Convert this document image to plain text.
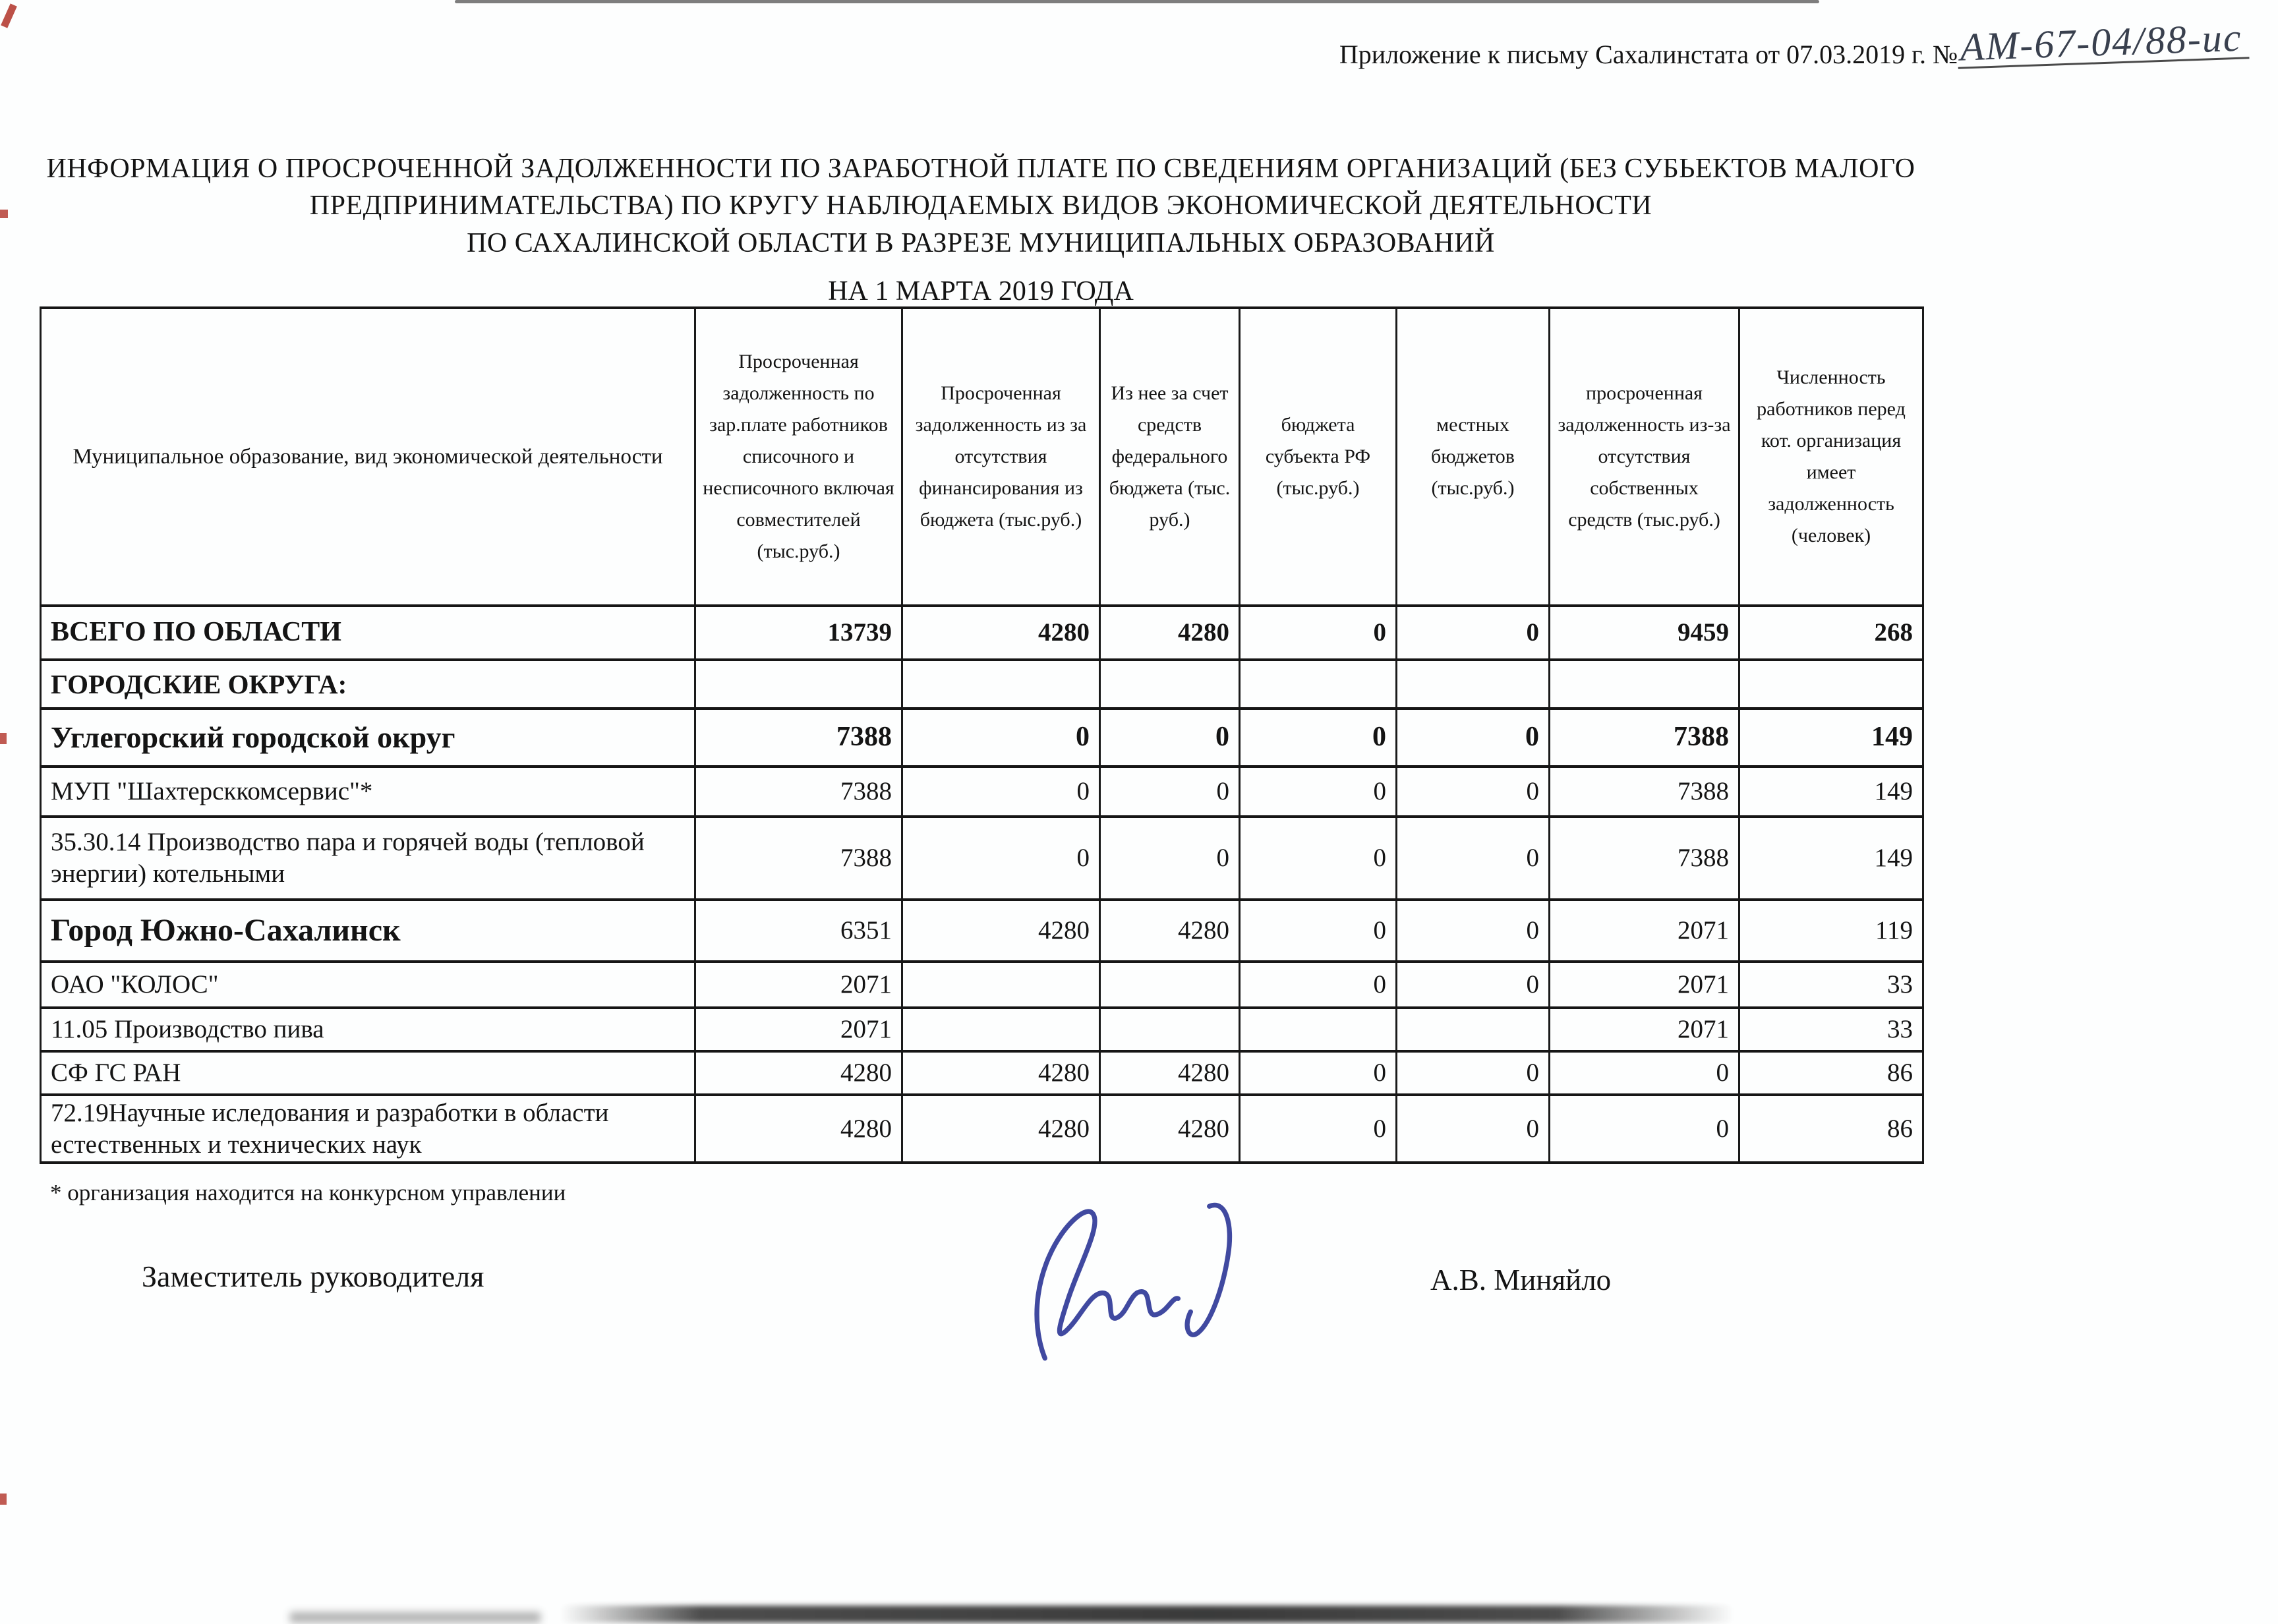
Приложение к письму Сахалинстата от 07.03.2019 г. №АМ-67-04/88-ис
ИНФОРМАЦИЯ О ПРОСРОЧЕННОЙ ЗАДОЛЖЕННОСТИ ПО ЗАРАБОТНОЙ ПЛАТЕ ПО СВЕДЕНИЯМ ОРГАНИЗАЦИЙ (БЕЗ СУБЬЕКТОВ МАЛОГО
ПРЕДПРИНИМАТЕЛЬСТВА) ПО КРУГУ НАБЛЮДАЕМЫХ ВИДОВ ЭКОНОМИЧЕСКОЙ ДЕЯТЕЛЬНОСТИ
ПО САХАЛИНСКОЙ ОБЛАСТИ В РАЗРЕЗЕ МУНИЦИПАЛЬНЫХ ОБРАЗОВАНИЙ
НА 1 МАРТА 2019 ГОДА
Муниципальное образование, вид экономической деятельности	Просроченная задолженность по зар.плате работников списочного и несписочного включая совместителей (тыс.руб.)	Просроченная задолженность из за отсутствия финансирования из бюджета (тыс.руб.)	Из нее за счет средств федерального бюджета (тыс. руб.)	бюджета субъекта РФ (тыс.руб.)	местных бюджетов (тыс.руб.)	просроченная задолженность из-за отсутствия собственных средств (тыс.руб.)	Численность работников перед кот. организация имеет задолженность (человек)
ВСЕГО ПО ОБЛАСТИ	13739	4280	4280	0	0	9459	268
ГОРОДСКИЕ ОКРУГА:							
Углегорский городской округ	7388	0	0	0	0	7388	149
МУП "Шахтерсккомсервис"*	7388	0	0	0	0	7388	149
35.30.14 Производство пара и горячей воды (тепловой энергии) котельными	7388	0	0	0	0	7388	149
Город Южно-Сахалинск	6351	4280	4280	0	0	2071	119
ОАО "КОЛОС"	2071			0	0	2071	33
11.05 Производство пива	2071					2071	33
СФ ГС РАН	4280	4280	4280	0	0	0	86
72.19Научные иследования и разработки в области естественных и технических наук	4280	4280	4280	0	0	0	86
* организация находится на конкурсном управлении
Заместитель руководителя	А.В. Миняйло
